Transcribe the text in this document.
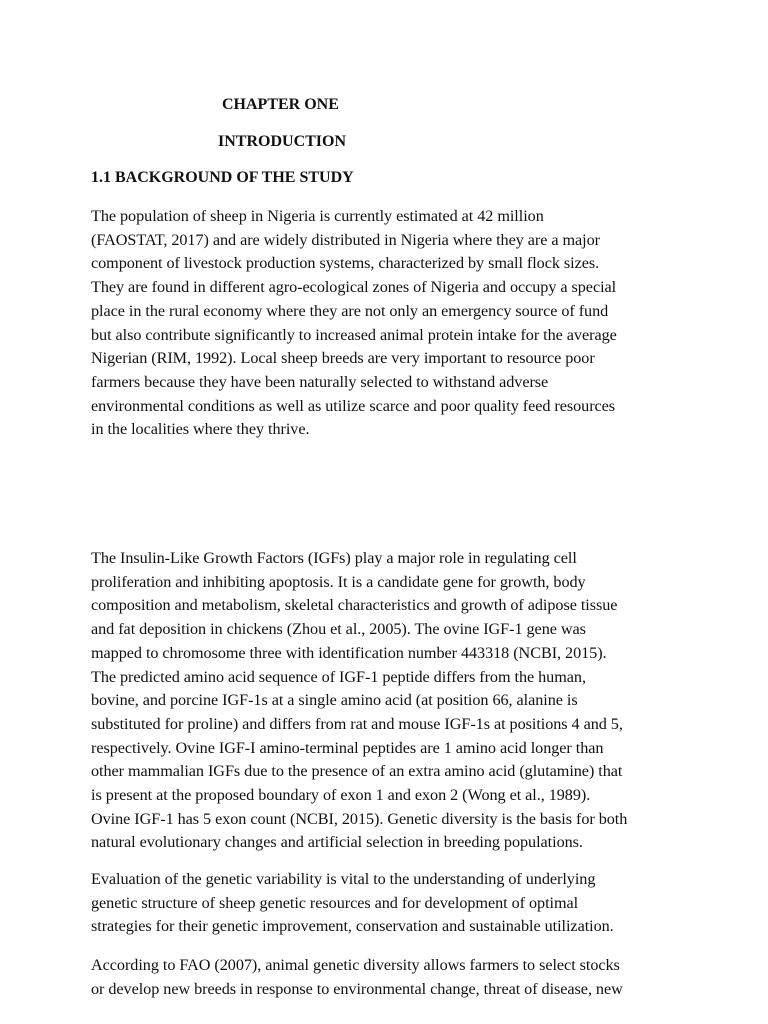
CHAPTER ONE
INTRODUCTION
1.1 BACKGROUND OF THE STUDY

The population of sheep in Nigeria is currently estimated at 42 million
(FAOSTAT, 2017) and are widely distributed in Nigeria where they are a major
component of livestock production systems, characterized by small flock sizes.
They are found in different agro-ecological zones of Nigeria and occupy a special
place in the rural economy where they are not only an emergency source of fund
but also contribute significantly to increased animal protein intake for the average
Nigerian (RIM, 1992). Local sheep breeds are very important to resource poor
farmers because they have been naturally selected to withstand adverse
environmental conditions as well as utilize scarce and poor quality feed resources
in the localities where they thrive.

The Insulin-Like Growth Factors (IGFs) play a major role in regulating cell
proliferation and inhibiting apoptosis. It is a candidate gene for growth, body
composition and metabolism, skeletal characteristics and growth of adipose tissue
and fat deposition in chickens (Zhou et al., 2005). The ovine IGF-1 gene was
mapped to chromosome three with identification number 443318 (NCBI, 2015).
The predicted amino acid sequence of IGF-1 peptide differs from the human,
bovine, and porcine IGF-1s at a single amino acid (at position 66, alanine is
substituted for proline) and differs from rat and mouse IGF-1s at positions 4 and 5,
respectively. Ovine IGF-I amino-terminal peptides are 1 amino acid longer than
other mammalian IGFs due to the presence of an extra amino acid (glutamine) that
is present at the proposed boundary of exon 1 and exon 2 (Wong et al., 1989).
Ovine IGF-1 has 5 exon count (NCBI, 2015). Genetic diversity is the basis for both
natural evolutionary changes and artificial selection in breeding populations.

Evaluation of the genetic variability is vital to the understanding of underlying
genetic structure of sheep genetic resources and for development of optimal
strategies for their genetic improvement, conservation and sustainable utilization.

According to FAO (2007), animal genetic diversity allows farmers to select stocks
or develop new breeds in response to environmental change, threat of disease, new
